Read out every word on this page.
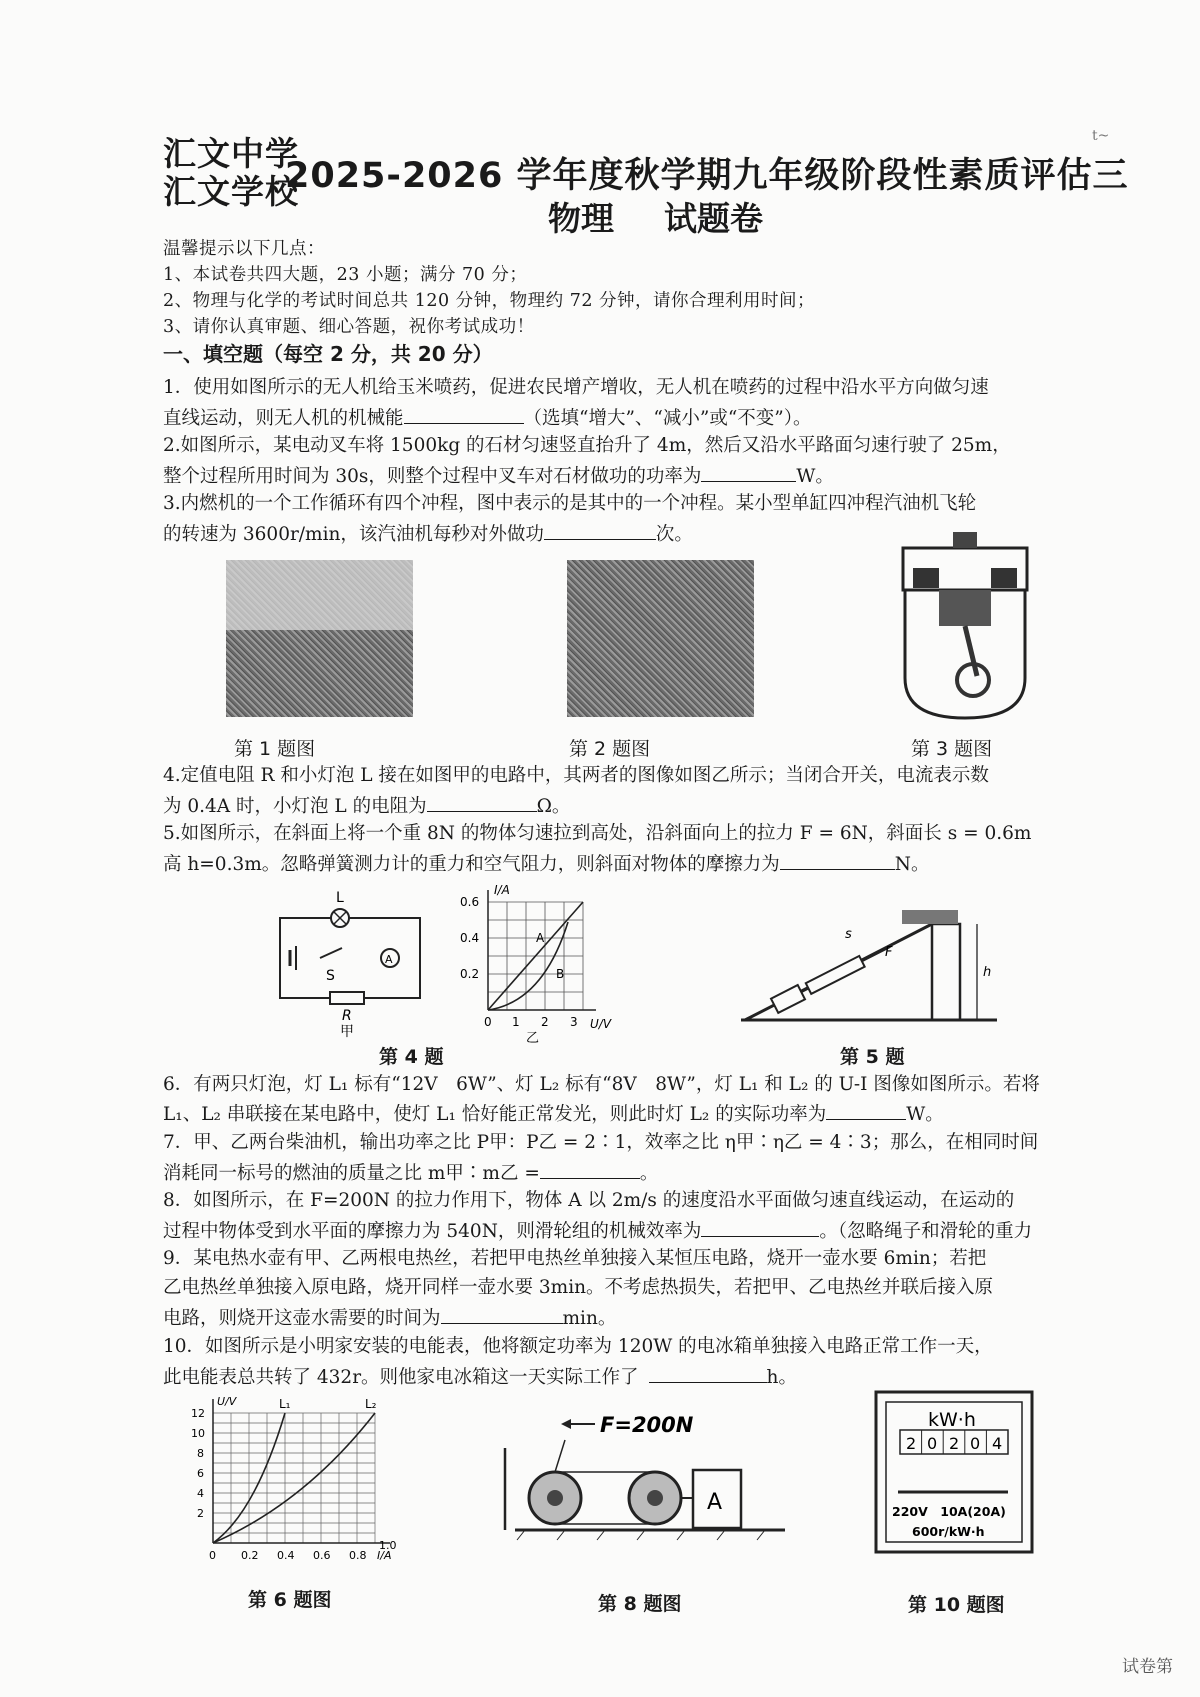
汇文中学
汇文学校
2025-2026 学年度秋学期九年级阶段性素质评估三
物理 试题卷
t~
温馨提示以下几点：
1、本试卷共四大题，23 小题；满分 70 分；
2、物理与化学的考试时间总共 120 分钟，物理约 72 分钟，请你合理利用时间；
3、请你认真审题、细心答题，祝你考试成功！
一、填空题（每空 2 分，共 20 分）
1．使用如图所示的无人机给玉米喷药，促进农民增产增收，无人机在喷药的过程中沿水平方向做匀速
直线运动，则无人机的机械能	（选填“增大”、“减小”或“不变”）。
2.如图所示，某电动叉车将 1500kg 的石材匀速竖直抬升了 4m，然后又沿水平路面匀速行驶了 25m，
整个过程所用时间为 30s，则整个过程中叉车对石材做功的功率为	W。
3.内燃机的一个工作循环有四个冲程，图中表示的是其中的一个冲程。某小型单缸四冲程汽油机飞轮
的转速为 3600r/min，该汽油机每秒对外做功	次。
第 1 题图	第 2 题图	第 3 题图
4.定值电阻 R 和小灯泡 L 接在如图甲的电路中，其两者的图像如图乙所示；当闭合开关，电流表示数
为 0.4A 时，小灯泡 L 的电阻为	Ω。
5.如图所示，在斜面上将一个重 8N 的物体匀速拉到高处，沿斜面向上的拉力 F = 6N，斜面长 s = 0.6m
高 h=0.3m。忽略弹簧测力计的重力和空气阻力，则斜面对物体的摩擦力为	N。
L
S
A
R
甲
A
B
I/A
U/V
0.6
0.4
0.2
0 1 2 3
乙
s
F
h
第 4 题	第 5 题
6．有两只灯泡，灯 L₁ 标有“12V　6W”、灯 L₂ 标有“8V　8W”，灯 L₁ 和 L₂ 的 U-I 图像如图所示。若将
L₁、L₂ 串联接在某电路中，使灯 L₁ 恰好能正常发光，则此时灯 L₂ 的实际功率为	W。
7．甲、乙两台柴油机，输出功率之比 P甲：P乙 = 2∶1，效率之比 η甲∶η乙 = 4∶3；那么，在相同时间
消耗同一标号的燃油的质量之比 m甲∶m乙 =	。
8．如图所示，在 F=200N 的拉力作用下，物体 A 以 2m/s 的速度沿水平面做匀速直线运动，在运动的
过程中物体受到水平面的摩擦力为 540N，则滑轮组的机械效率为	。（忽略绳子和滑轮的重力
9．某电热水壶有甲、乙两根电热丝，若把甲电热丝单独接入某恒压电路，烧开一壶水要 6min；若把
乙电热丝单独接入原电路，烧开同样一壶水要 3min。不考虑热损失，若把甲、乙电热丝并联后接入原
电路，则烧开这壶水需要的时间为	min。
10．如图所示是小明家安装的电能表，他将额定功率为 120W 的电冰箱单独接入电路正常工作一天，
此电能表总共转了 432r。则他家电冰箱这一天实际工作了	h。
L₁	L₂
U/V
I/A
12
10
8
6
4
2
0 0.2 0.4 0.6 0.8
1.0
F=200N
A
kW·h
2 0 2 0 4
220V　10A(20A)
600r/kW·h
第 6 题图	第 8 题图	第 10 题图
试卷第
